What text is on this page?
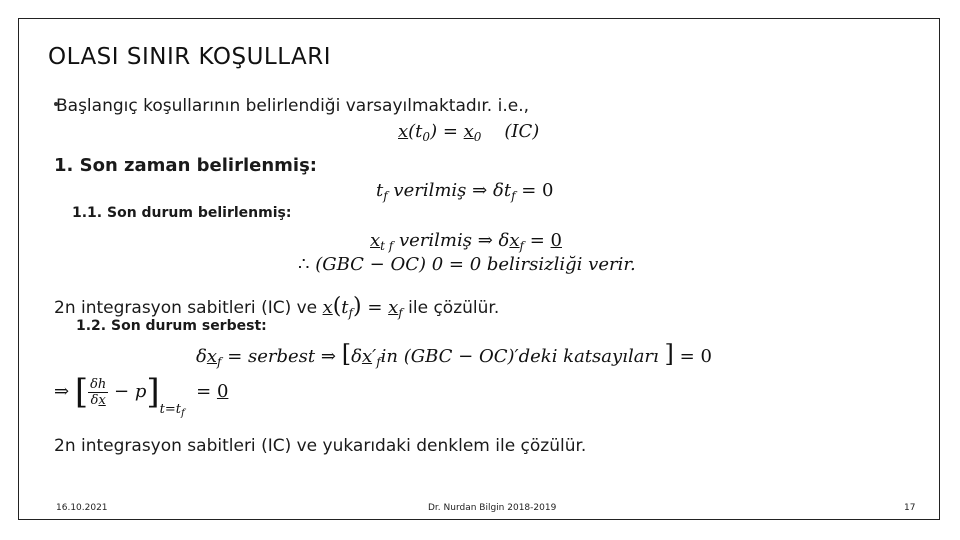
OLASI SINIR KOŞULLARI
Başlangıç koşullarının belirlendiği varsayılmaktadır. i.e.,
$x(t_0) = x_0$ (IC)
1. Son zaman belirlenmiş:
$t_f$ verilmiş ⇒ $\delta t_f = 0$
1.1. Son durum belirlenmiş:
$x_{t f}$ verilmiş ⇒ $\delta x_f = 0$
∴ (GBC − OC) 0 = 0 belirsizliği verir.
2n integrasyon sabitleri (IC) ve $x(t_f) = x_f$ ile çözülür.
1.2. Son durum serbest:
$\delta x_f$ = serbest ⇒ [$\delta x'_fin$ (GBC − OC)′deki katsayıları ] = 0
⇒ [ $\frac{\delta h}{\delta x} - p]_{t=t_f} = 0$
2n integrasyon sabitleri (IC) ve yukarıdaki denklem ile çözülür.
16.10.2021	Dr. Nurdan Bilgin 2018-2019	17
